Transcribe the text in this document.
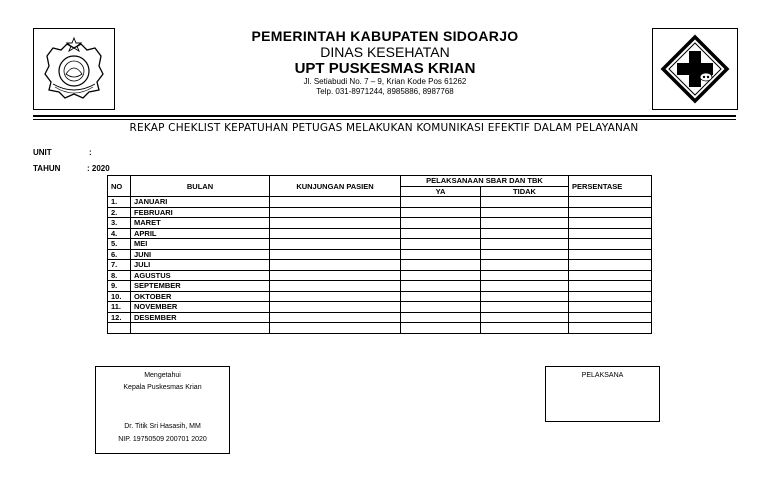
PEMERINTAH KABUPATEN SIDOARJO
DINAS KESEHATAN
UPT PUSKESMAS KRIAN
Jl. Setiabudi No. 7 – 9, Krian Kode Pos 61262
Telp. 031-8971244, 8985886, 8987768
REKAP CHEKLIST KEPATUHAN PETUGAS MELAKUKAN KOMUNIKASI EFEKTIF DALAM PELAYANAN
UNIT	:
TAHUN	: 2020
NO	BULAN	KUNJUNGAN PASIEN	PELAKSANAAN SBAR DAN TBK		PERSENTASE
			YA	TIDAK	
1.	JANUARI				
2.	FEBRUARI				
3.	MARET				
4.	APRIL				
5.	MEI				
6.	JUNI				
7.	JULI				
8.	AGUSTUS				
9.	SEPTEMBER				
10.	OKTOBER				
11.	NOVEMBER				
12.	DESEMBER				

Mengetahui
Kepala Puskesmas Krian
Dr. Titik Sri Hasasih, MM
NIP. 19750509 200701 2020
PELAKSANA
